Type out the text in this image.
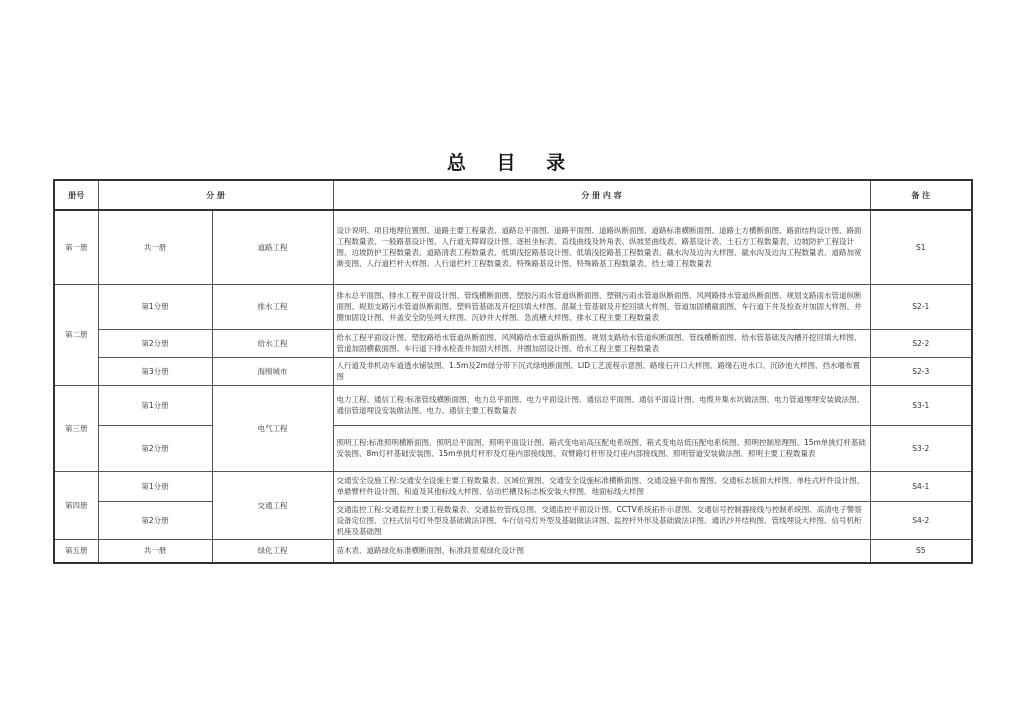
总 目 录
册号	分 册		分 册 内 容	备 注
第一册	共一册	道路工程	设计说明、项目地理位置图、道路主要工程量表、道路总平面图、道路平面图、道路纵断面图、道路标准横断面图、道路土方横断面图、路面结构设计图、路面工程数量表、一般路基设计图、人行道无障碍设计图、逐桩坐标表、直线曲线及转角表、纵坡竖曲线表、路基设计表、土石方工程数量表、边坡防护工程设计图、边坡防护工程数量表、道路清表工程数量表、低填浅挖路基设计图、低填浅挖路基工程数量表、截水沟及边沟大样图、截水沟及边沟工程数量表、道路加宽渐变图、人行道栏杆大样图、人行道栏杆工程数量表、特殊路基设计图、特殊路基工程数量表、挡土墙工程数量表	S1
第二册	第1分册	排水工程	排水总平面图、排水工程平面设计图、管线横断面图、塑胶污雨水管道纵断面图、塑钢污雨水管道纵断面图、风网路排水管道纵断面图、规划支路雨水管道纵断面图、规划支路污水管道纵断面图、塑料管基础及开挖回填大样图、混凝土管基础及开挖回填大样图、管道加固横截面图、车行道下井及检查井加固大样图、井圈加固设计图、井盖安全防坠网大样图、沉砂井大样图、急流槽大样图、排水工程主要工程数量表	S2-1
	第2分册	给水工程	给水工程平面设计图、塑胶路给水管道纵断面图、风网路给水管道纵断面图、规划支路给水管道纵断面图、管线横断面图、给水管基础及沟槽开挖回填大样图、管道加固横截面图、车行道下排水检查井加固大样图、井圈加固设计图、给水工程主要工程数量表	S2-2
	第3分册	海绵城市	人行道及非机动车道透水铺装图、1.5m及2m绿分带下沉式绿地断面图、LID工艺流程示意图、路缘石开口大样图、路缘石进水口、沉砂池大样图、挡水堰布置图	S2-3
第三册	第1分册	电气工程	电力工程、通信工程:标准管线横断面图、电力总平面图、电力平面设计图、通信总平面图、通信平面设计图、电缆井集水坑做法图、电力管道埋埋安装做法图、通信管道埋设安装做法图、电力、通信主要工程数量表	S3-1
	第2分册		照明工程:标准照明横断面图、照明总平面图、照明平面设计图、箱式变电站高压配电系统图、箱式变电站低压配电系统图、照明控制原理图、15m单挑灯杆基础安装图、8m灯杆基础安装图、15m单挑灯杆形及灯座内部接线图、双臂路灯杆形及灯座内部接线图、照明管道安装做法图、照明主要工程数量表	S3-2
第四册	第1分册	交通工程	交通安全设施工程:交通安全设施主要工程数量表、区域位置图、交通安全设施标准横断面图、交通设施平面布置图、交通标志版面大样图、单柱式杆件设计图、单悬臂杆件设计图、和道及其他标线大样图、信动栏槽及标志板安装大样图、地面标线大样图	S4-1
	第2分册		交通监控工程:交通监控主要工程数量表、交通监控管线总图、交通监控平面设计图、CCTV系统拓扑示意图、交通信号控制器接线与控制系统图、高清电子警察设备定位图、立柱式信号灯外型及基础做法详图、车行信号灯外型及基础做法详图、监控杆外形及基础做法详图、通讯沙井结构图、管线埋设大样图、信号机柜机座及基础图	S4-2
第五册	共一册	绿化工程	苗木表、道路绿化标准横断面图、标准段景观绿化设计图	S5
